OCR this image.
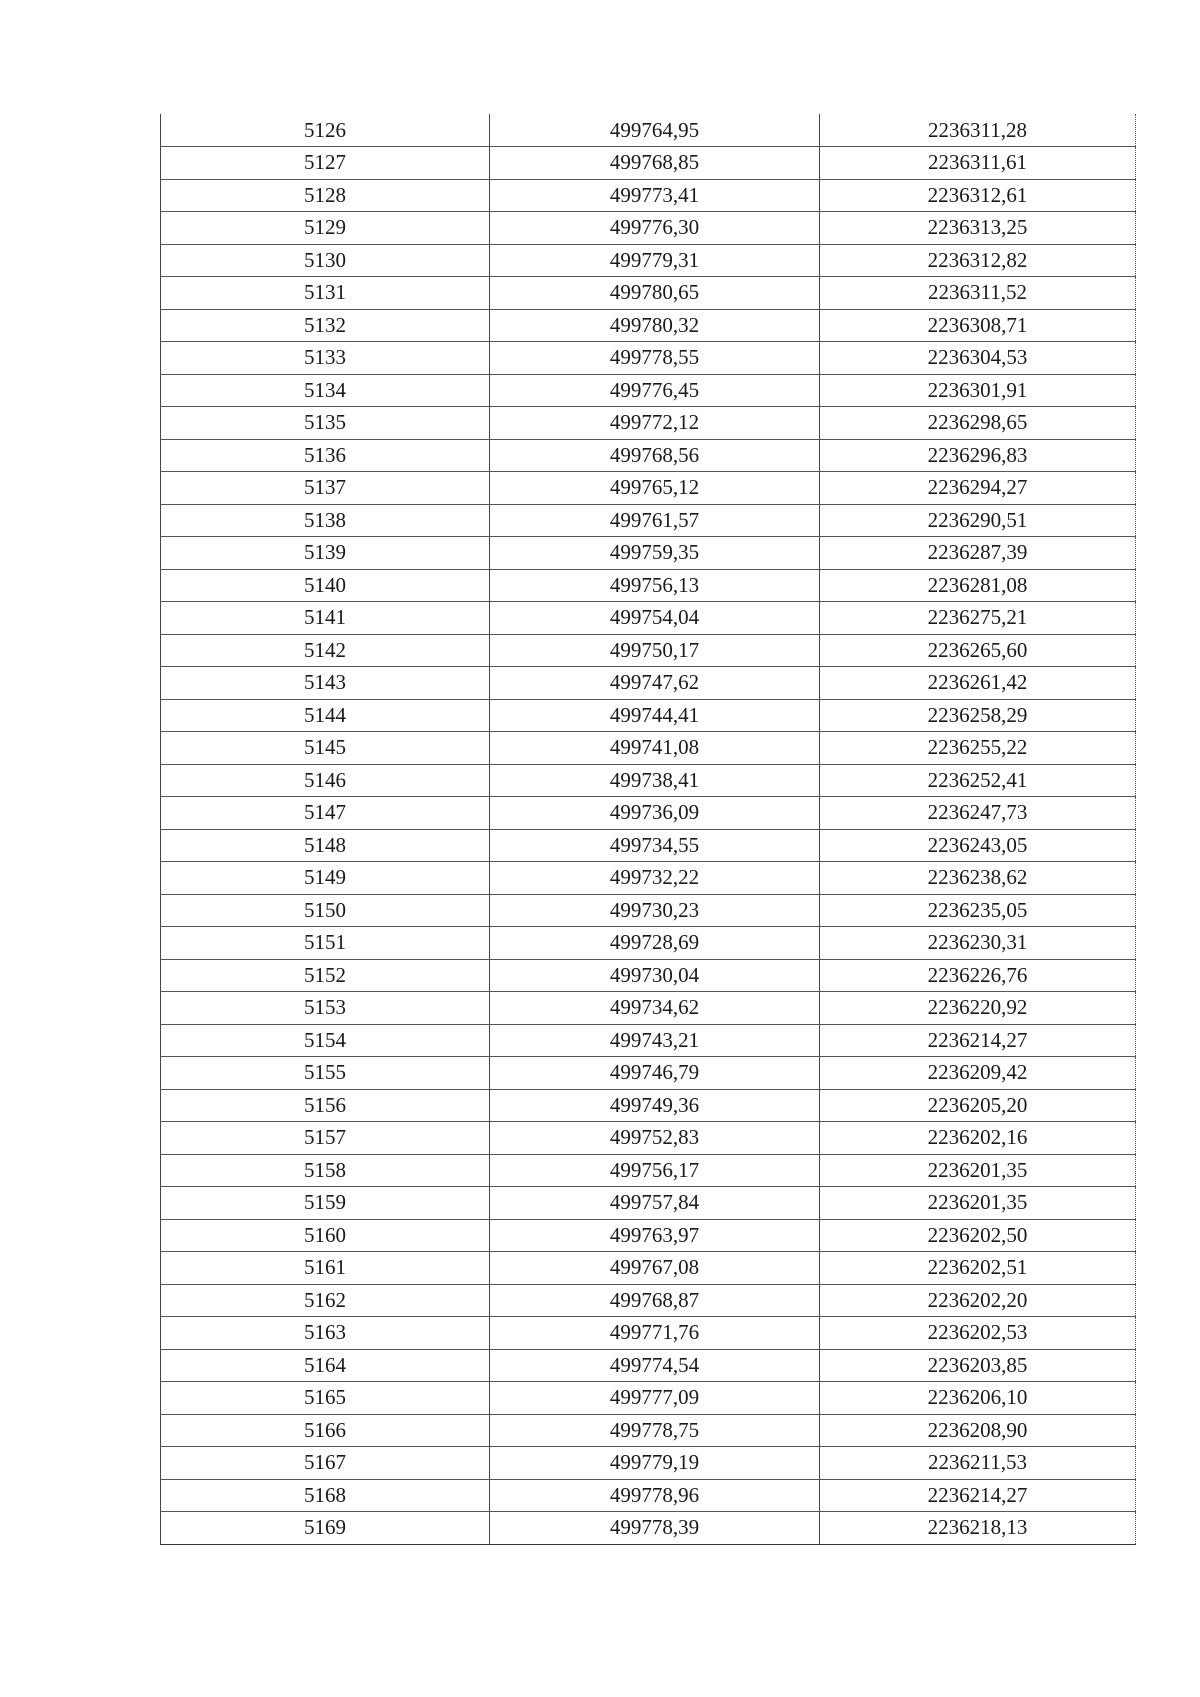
5126	499764,95	2236311,28
5127	499768,85	2236311,61
5128	499773,41	2236312,61
5129	499776,30	2236313,25
5130	499779,31	2236312,82
5131	499780,65	2236311,52
5132	499780,32	2236308,71
5133	499778,55	2236304,53
5134	499776,45	2236301,91
5135	499772,12	2236298,65
5136	499768,56	2236296,83
5137	499765,12	2236294,27
5138	499761,57	2236290,51
5139	499759,35	2236287,39
5140	499756,13	2236281,08
5141	499754,04	2236275,21
5142	499750,17	2236265,60
5143	499747,62	2236261,42
5144	499744,41	2236258,29
5145	499741,08	2236255,22
5146	499738,41	2236252,41
5147	499736,09	2236247,73
5148	499734,55	2236243,05
5149	499732,22	2236238,62
5150	499730,23	2236235,05
5151	499728,69	2236230,31
5152	499730,04	2236226,76
5153	499734,62	2236220,92
5154	499743,21	2236214,27
5155	499746,79	2236209,42
5156	499749,36	2236205,20
5157	499752,83	2236202,16
5158	499756,17	2236201,35
5159	499757,84	2236201,35
5160	499763,97	2236202,50
5161	499767,08	2236202,51
5162	499768,87	2236202,20
5163	499771,76	2236202,53
5164	499774,54	2236203,85
5165	499777,09	2236206,10
5166	499778,75	2236208,90
5167	499779,19	2236211,53
5168	499778,96	2236214,27
5169	499778,39	2236218,13
